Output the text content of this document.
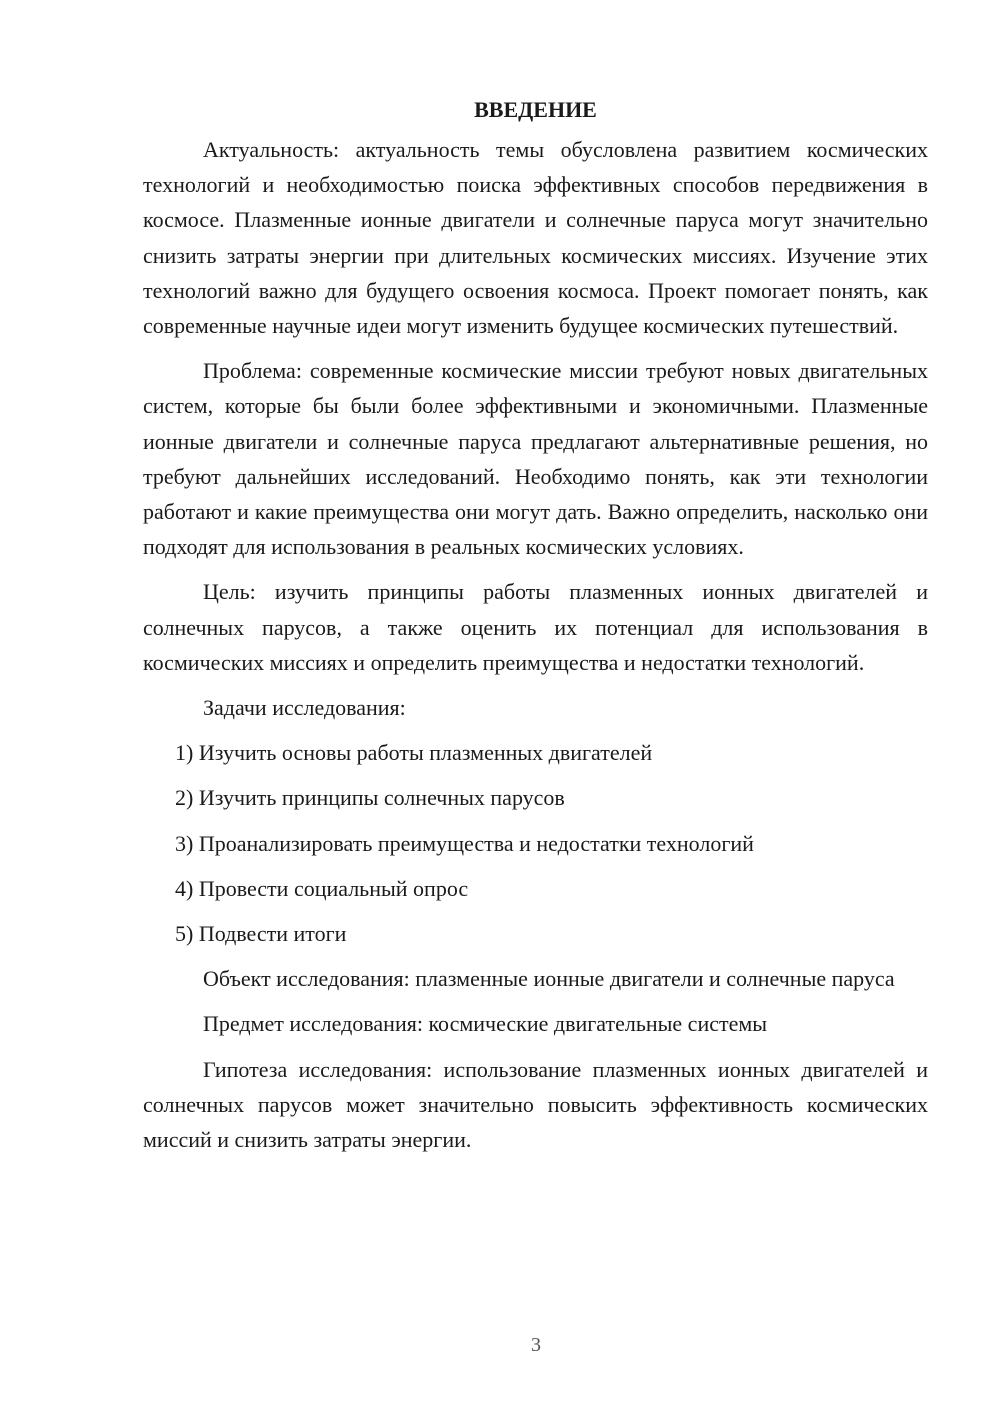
ВВЕДЕНИЕ

Актуальность: актуальность темы обусловлена развитием космических технологий и необходимостью поиска эффективных способов передвижения в космосе. Плазменные ионные двигатели и солнечные паруса могут значительно снизить затраты энергии при длительных космических миссиях. Изучение этих технологий важно для будущего освоения космоса. Проект помогает понять, как современные научные идеи могут изменить будущее космических путешествий.

Проблема: современные космические миссии требуют новых двигательных систем, которые бы были более эффективными и экономичными. Плазменные ионные двигатели и солнечные паруса предлагают альтернативные решения, но требуют дальнейших исследований. Необходимо понять, как эти технологии работают и какие преимущества они могут дать. Важно определить, насколько они подходят для использования в реальных космических условиях.

Цель: изучить принципы работы плазменных ионных двигателей и солнечных парусов, а также оценить их потенциал для использования в космических миссиях и определить преимущества и недостатки технологий.

Задачи исследования:
1) Изучить основы работы плазменных двигателей
2) Изучить принципы солнечных парусов
3) Проанализировать преимущества и недостатки технологий
4) Провести социальный опрос
5) Подвести итоги

Объект исследования: плазменные ионные двигатели и солнечные паруса

Предмет исследования: космические двигательные системы

Гипотеза исследования: использование плазменных ионных двигателей и солнечных парусов может значительно повысить эффективность космических миссий и снизить затраты энергии.

3
